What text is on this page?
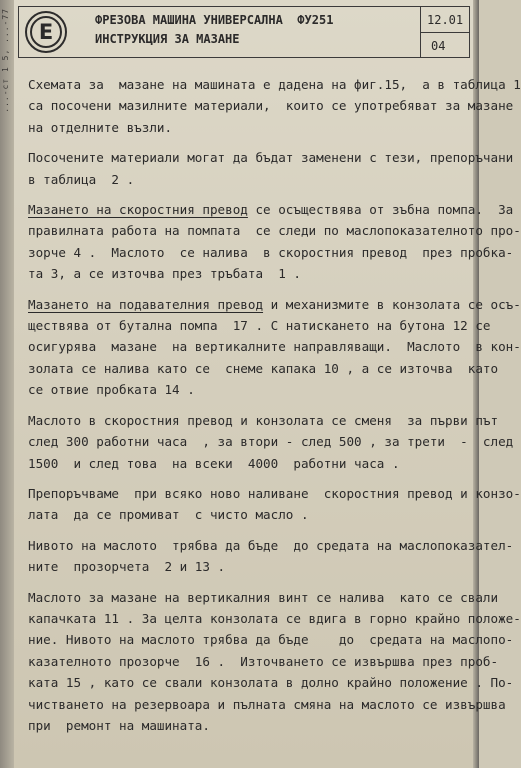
...-ст 1 5, ...-77 E	ФРЕЗОВА МАШИНА УНИВЕРСАЛНА  ФУ251
ИНСТРУКЦИЯ ЗА МАЗАНЕ
12.01
04
Схемата за  мазане на машината е дадена на фиг.15,  а в таблица 1
са посочени мазилните материали,  които се употребяват за мазане
на отделните възли.
Посочените материали могат да бъдат заменени с тези, препоръчани
в таблица  2 .
Мазането на скоростния превод се осъществява от зъбна помпа.  За
правилната работа на помпата  се следи по маслопоказателното про-
зорче 4 .  Маслото  се налива  в скоростния превод  през пробка-
та 3, а се източва през тръбата  1 .
Мазането на подавателния превод и механизмите в конзолата се осъ-
ществява от бутална помпа  17 . С натискането на бутона 12 се
осигурява  мазане  на вертикалните направляващи.  Маслото  в кон-
золата се налива като се  снеме капака 10 , а се източва  като
се отвие пробката 14 .
Маслото в скоростния превод и конзолата се сменя  за първи път
след 300 работни часа  , за втори - след 500 , за трети  -  след
1500  и след това  на всеки  4000  работни часа .
Препоръчваме  при всяко ново наливане  скоростния превод и конзо-
лата  да се промиват  с чисто масло .
Нивото на маслото  трябва да бъде  до средата на маслопоказател-
ните  прозорчета  2 и 13 .
Маслото за мазане на вертикалния винт се налива  като се свали
капачката 11 . За целта конзолата се вдига в горно крайно положе-
ние. Нивото на маслото трябва да бъде    до  средата на маслопо-
казателното прозорче  16 .  Източването се извършва през проб-
ката 15 , като се свали конзолата в долно крайно положение . По-
чистването на резервоара и пълната смяна на маслото се извършва
при  ремонт на машината.
